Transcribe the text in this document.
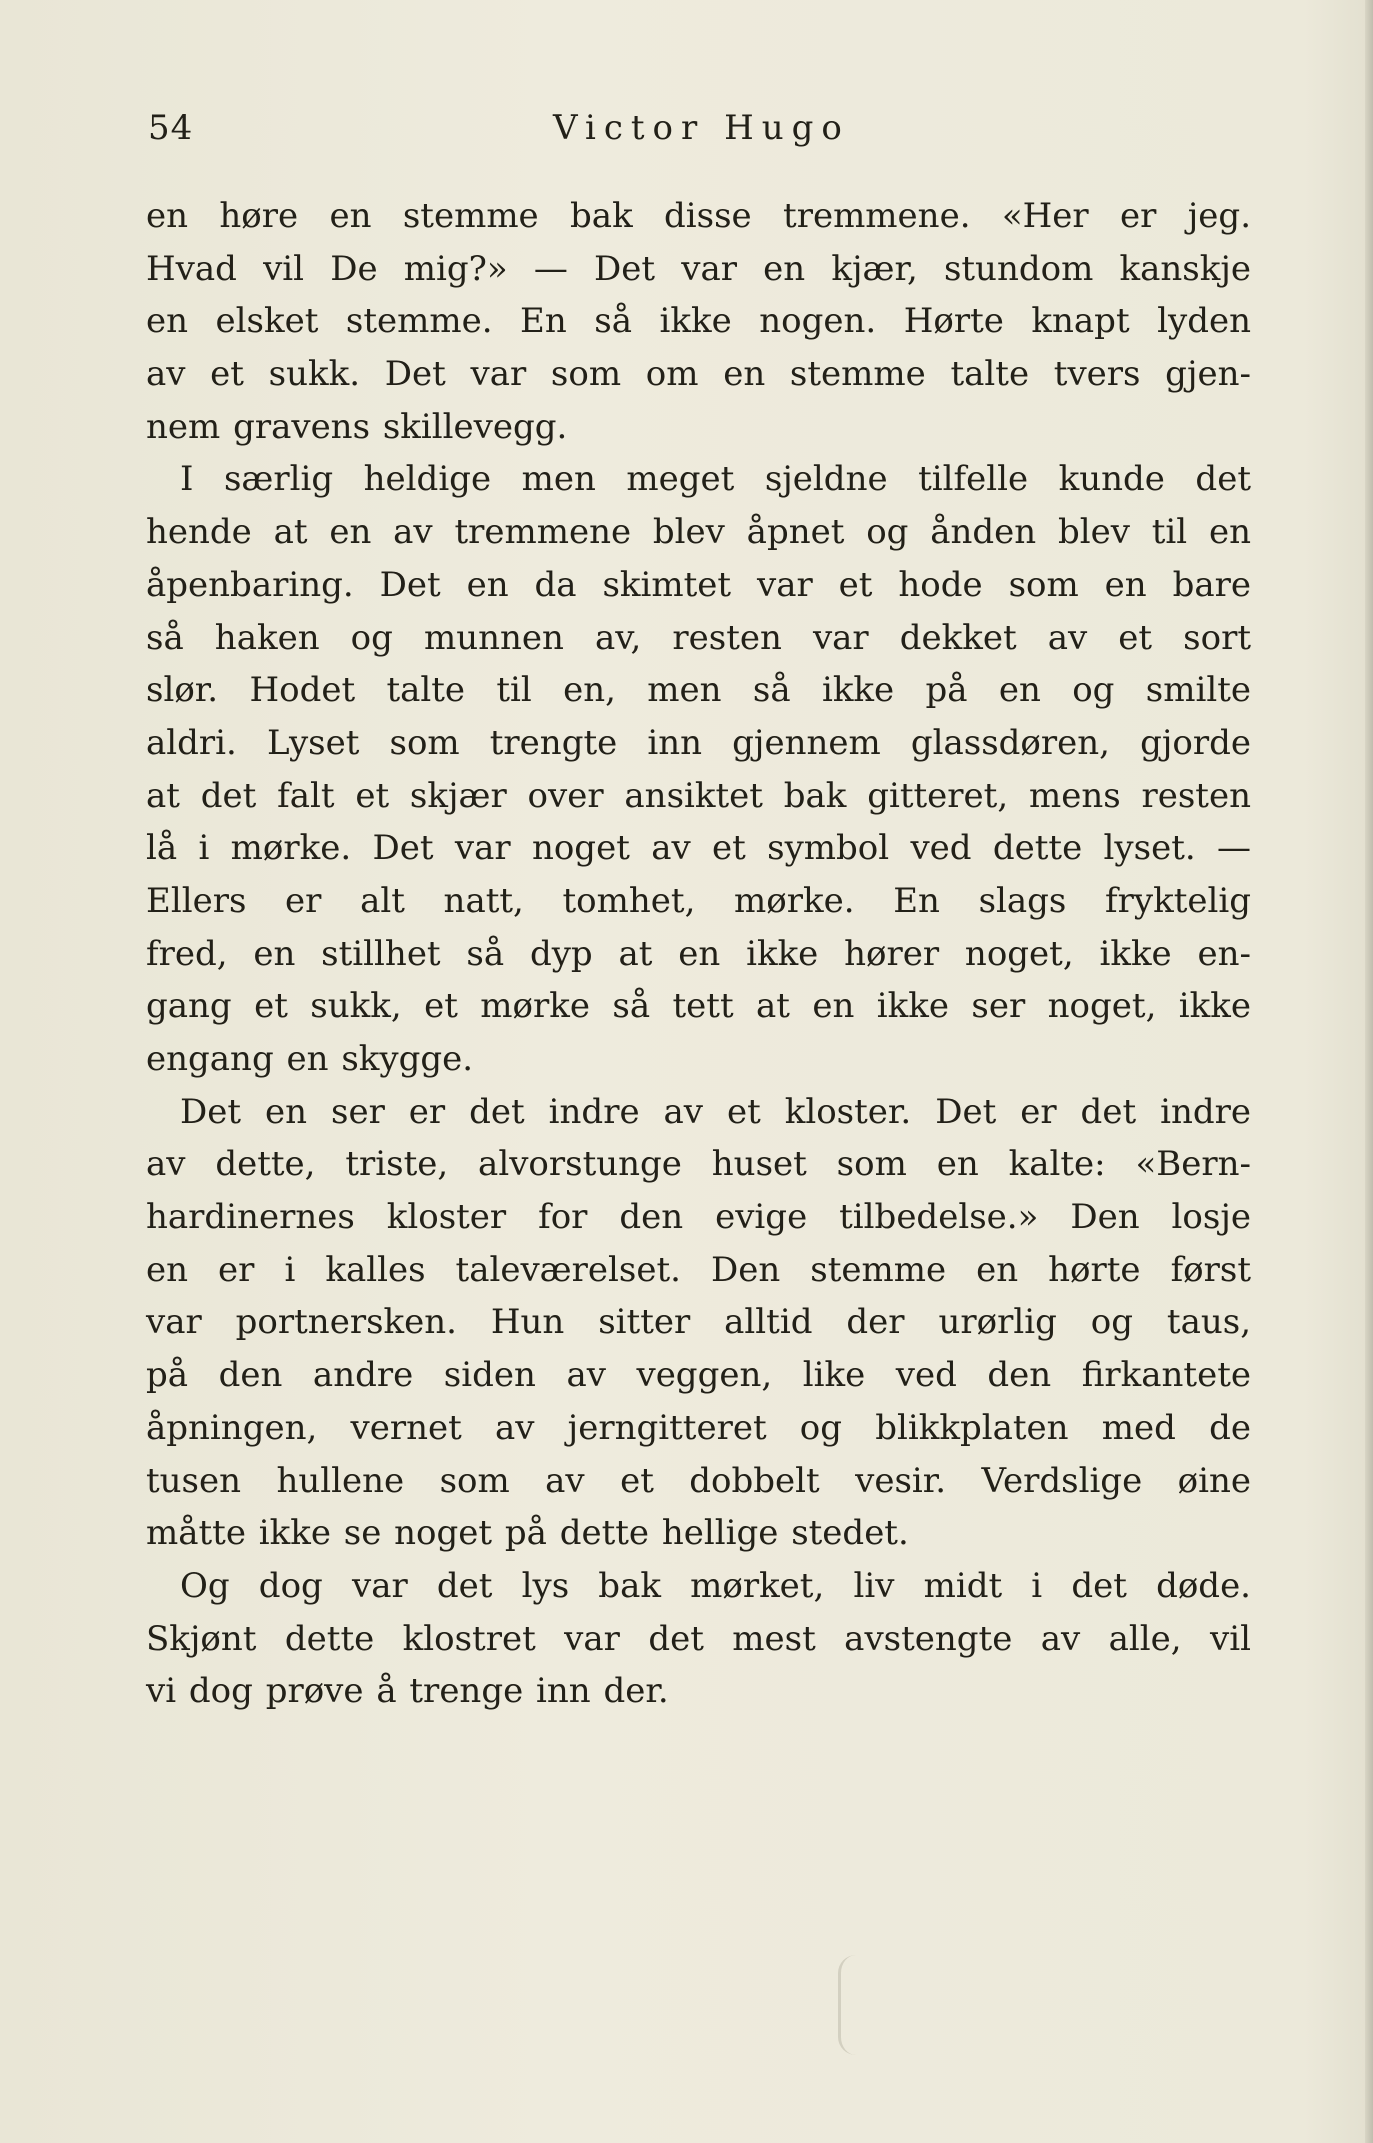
54	Victor Hugo
en høre en stemme bak disse tremmene. «Her er jeg.
Hvad vil De mig?» — Det var en kjær, stundom kanskje
en elsket stemme. En så ikke nogen. Hørte knapt lyden
av et sukk. Det var som om en stemme talte tvers gjen-
nem gravens skillevegg.
I særlig heldige men meget sjeldne tilfelle kunde det
hende at en av tremmene blev åpnet og ånden blev til en
åpenbaring. Det en da skimtet var et hode som en bare
så haken og munnen av, resten var dekket av et sort
slør. Hodet talte til en, men så ikke på en og smilte
aldri. Lyset som trengte inn gjennem glassdøren, gjorde
at det falt et skjær over ansiktet bak gitteret, mens resten
lå i mørke. Det var noget av et symbol ved dette lyset. —
Ellers er alt natt, tomhet, mørke. En slags fryktelig
fred, en stillhet så dyp at en ikke hører noget, ikke en-
gang et sukk, et mørke så tett at en ikke ser noget, ikke
engang en skygge.
Det en ser er det indre av et kloster. Det er det indre
av dette, triste, alvorstunge huset som en kalte: «Bern-
hardinernes kloster for den evige tilbedelse.» Den losje
en er i kalles taleværelset. Den stemme en hørte først
var portnersken. Hun sitter alltid der urørlig og taus,
på den andre siden av veggen, like ved den firkantete
åpningen, vernet av jerngitteret og blikkplaten med de
tusen hullene som av et dobbelt vesir. Verdslige øine
måtte ikke se noget på dette hellige stedet.
Og dog var det lys bak mørket, liv midt i det døde.
Skjønt dette klostret var det mest avstengte av alle, vil
vi dog prøve å trenge inn der.
